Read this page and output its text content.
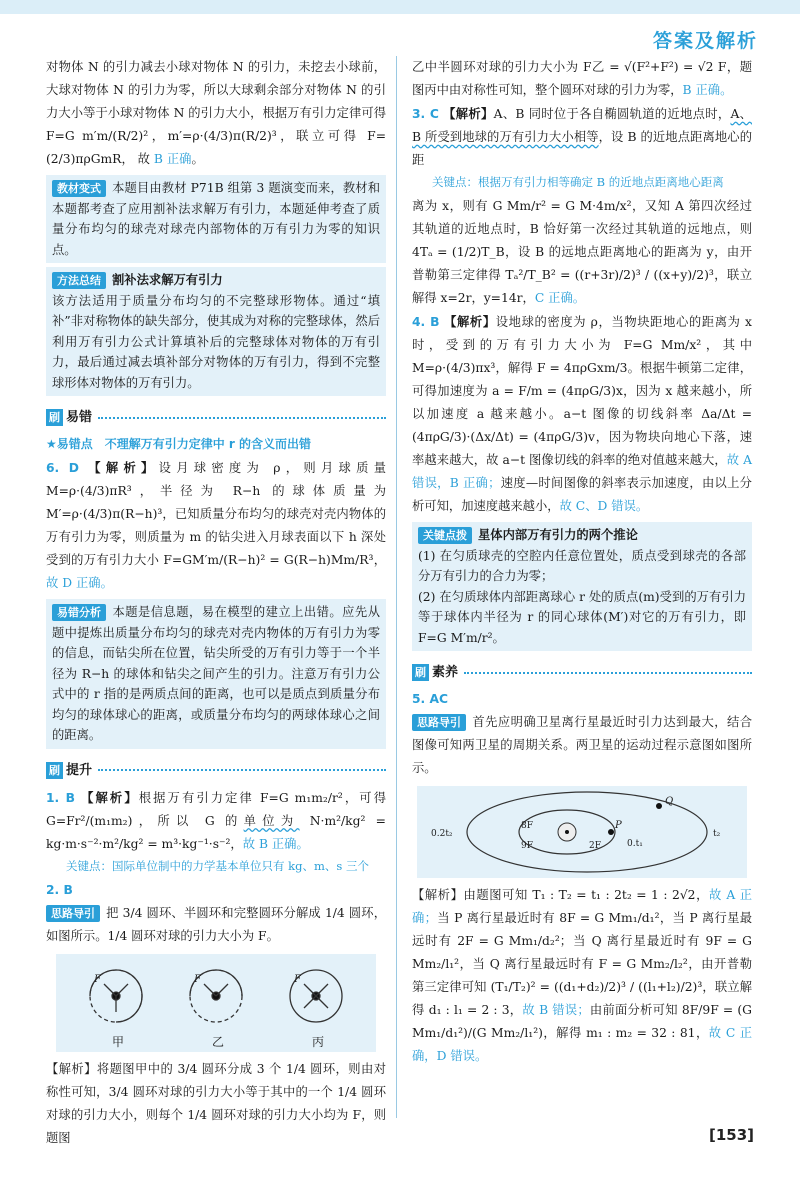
答案及解析

对物体 N 的引力减去小球对物体 N 的引力，未挖去小球前，大球对物体 N 的引力为零，所以大球剩余部分对物体 N 的引力大小等于小球对物体 N 的引力大小，根据万有引力定律可得 F=G m′m/(R/2)²，m′=ρ·(4/3)π(R/2)³，联立可得 F=(2/3)πρGmR， 故 B 正确。

教材变式 本题目由教材 P71B 组第 3 题演变而来，教材和本题都考查了应用割补法求解万有引力，本题延伸考查了质量分布均匀的球壳对球壳内部物体的万有引力为零的知识点。

方法总结 割补法求解万有引力

该方法适用于质量分布均匀的不完整球形物体。通过“填补”非对称物体的缺失部分，使其成为对称的完整球体，然后利用万有引力公式计算填补后的完整球体对物体的万有引力，最后通过减去填补部分对物体的万有引力，得到不完整球形体对物体的万有引力。

刷 易错

★易错点　不理解万有引力定律中 r 的含义而出错

6. D 【解析】设月球密度为 ρ，则月球质量 M=ρ·(4/3)πR³，半径为 R−h 的球体质量为 M′=ρ·(4/3)π(R−h)³，已知质量分布均匀的球壳对壳内物体的万有引力为零，则质量为 m 的钻尖进入月球表面以下 h 深处受到的万有引力大小 F=GM′m/(R−h)² = G(R−h)Mm/R³，故 D 正确。

易错分析 本题是信息题，易在模型的建立上出错。应先从题中提炼出质量分布均匀的球壳对壳内物体的万有引力为零的信息，而钻尖所在位置，钻尖所受的万有引力等于一个半径为 R−h 的球体和钻尖之间产生的引力。注意万有引力公式中的 r 指的是两质点间的距离，也可以是质点到质量分布均匀的球体球心的距离，或质量分布均匀的两球体球心之间的距离。

刷 提升

1. B 【解析】根据万有引力定律 F=G m₁m₂/r²，可得 G=Fr²/(m₁m₂)，所以 G 的单位为 N·m²/kg² = kg·m·s⁻²·m²/kg² = m³·kg⁻¹·s⁻²，故 B 正确。

关键点：国际单位制中的力学基本单位只有 kg、m、s 三个

2. B

思路导引 把 3/4 圆环、半圆环和完整圆环分解成 1/4 圆环，如图所示。1/4 圆环对球的引力大小为 F。

甲	乙	丙
F	F	F

【解析】将题图甲中的 3/4 圆环分成 3 个 1/4 圆环，则由对称性可知，3/4 圆环对球的引力大小等于其中的一个 1/4 圆环对球的引力大小，则每个 1/4 圆环对球的引力大小均为 F，则题图

乙中半圆环对球的引力大小为 F乙 = √(F²+F²) = √2 F，题图丙中由对称性可知，整个圆环对球的引力为零，B 正确。

3. C 【解析】A、B 同时位于各自椭圆轨道的近地点时，A、B 所受到地球的万有引力大小相等，设 B 的近地点距离地心的距

关键点：根据万有引力相等确定 B 的近地点距离地心距离

离为 x，则有 G Mm/r² = G M·4m/x²，又知 A 第四次经过其轨道的近地点时，B 恰好第一次经过其轨道的远地点，则 4Tₐ = (1/2)T_B，设 B 的远地点距离地心的距离为 y，由开普勒第三定律得 Tₐ²/T_B² = ((r+3r)/2)³ / ((x+y)/2)³，联立解得 x=2r，y=14r，C 正确。

4. B 【解析】设地球的密度为 ρ，当物块距地心的距离为 x 时，受到的万有引力大小为 F=G Mm/x²，其中 M=ρ·(4/3)πx³，解得 F = 4πρGxm/3。根据牛顿第二定律，可得加速度为 a = F/m = (4πρG/3)x，因为 x 越来越小，所以加速度 a 越来越小。a−t 图像的切线斜率 Δa/Δt = (4πρG/3)·(Δx/Δt) = (4πρG/3)v，因为物块向地心下落，速率越来越大，故 a−t 图像切线的斜率的绝对值越来越大，故 A 错误，B 正确；速度—时间图像的斜率表示加速度，由以上分析可知，加速度越来越小，故 C、D 错误。

关键点拨 星体内部万有引力的两个推论

(1) 在匀质球壳的空腔内任意位置处，质点受到球壳的各部分万有引力的合力为零；

(2) 在匀质球体内部距离球心 r 处的质点(m)受到的万有引力等于球体内半径为 r 的同心球体(M′)对它的万有引力，即 F=G M′m/r²。

刷 素养

5. AC

思路导引 首先应明确卫星离行星最近时引力达到最大，结合图像可知两卫星的周期关系。两卫星的运动过程示意图如图所示。

Q
P
0.2t₂
0.t₁
t₂
8F
9F	2F

【解析】由题图可知 T₁ : T₂ = t₁ : 2t₂ = 1 : 2√2，故 A 正确；当 P 离行星最近时有 8F = G Mm₁/d₁²，当 P 离行星最远时有 2F = G Mm₁/d₂²；当 Q 离行星最近时有 9F = G Mm₂/l₁²，当 Q 离行星最远时有 F = G Mm₂/l₂²，由开普勒第三定律可知 (T₁/T₂)² = ((d₁+d₂)/2)³ / ((l₁+l₂)/2)³，联立解得 d₁ : l₁ = 2 : 3，故 B 错误；由前面分析可知 8F/9F = (G Mm₁/d₁²)/(G Mm₂/l₁²)，解得 m₁ : m₂ = 32 : 81，故 C 正确，D 错误。

[153]
